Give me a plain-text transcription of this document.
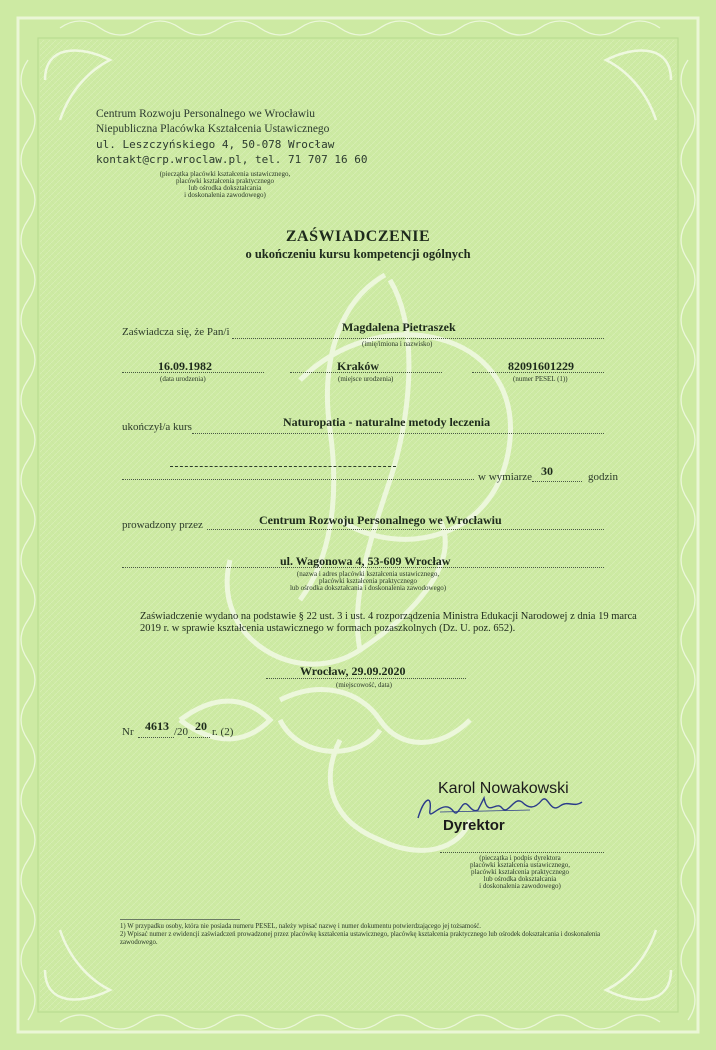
Centrum Rozwoju Personalnego we Wrocławiu
Niepubliczna Placówka Kształcenia Ustawicznego
ul. Leszczyńskiego 4, 50-078 Wrocław
kontakt@crp.wroclaw.pl, tel. 71 707 16 60
(pieczątka placówki kształcenia ustawicznego,
placówki kształcenia praktycznego
lub ośrodka dokształcania
i doskonalenia zawodowego)
ZAŚWIADCZENIE
o ukończeniu kursu kompetencji ogólnych
Zaświadcza się, że Pan/i	Magdalena Pietraszek
(imię/imiona i nazwisko)
16.09.1982
(data urodzenia)
Kraków
(miejsce urodzenia)
82091601229
(numer PESEL (1))
ukończył/a kurs	Naturopatia - naturalne metody leczenia
w wymiarze 30	godzin
prowadzony przez	Centrum Rozwoju Personalnego we Wrocławiu
ul. Wagonowa 4, 53-609 Wrocław
(nazwa i adres placówki kształcenia ustawicznego,
placówki kształcenia praktycznego
lub ośrodka dokształcania i doskonalenia zawodowego)
Zaświadczenie wydano na podstawie § 22 ust. 3 i ust. 4 rozporządzenia Ministra Edukacji Narodowej z dnia 19 marca 2019 r. w sprawie kształcenia ustawicznego w formach pozaszkolnych (Dz. U. poz. 652).
Wrocław, 29.09.2020
(miejscowość, data)
Nr 4613 /20 20 r. (2)
Karol Nowakowski
Dyrektor
(pieczątka i podpis dyrektora
placówki kształcenia ustawicznego,
placówki kształcenia praktycznego
lub ośrodka dokształcania
i doskonalenia zawodowego)
1) W przypadku osoby, która nie posiada numeru PESEL, należy wpisać nazwę i numer dokumentu potwierdzającego jej tożsamość.
2) Wpisać numer z ewidencji zaświadczeń prowadzonej przez placówkę kształcenia ustawicznego, placówkę kształcenia praktycznego lub ośrodek dokształcania i doskonalenia zawodowego.
